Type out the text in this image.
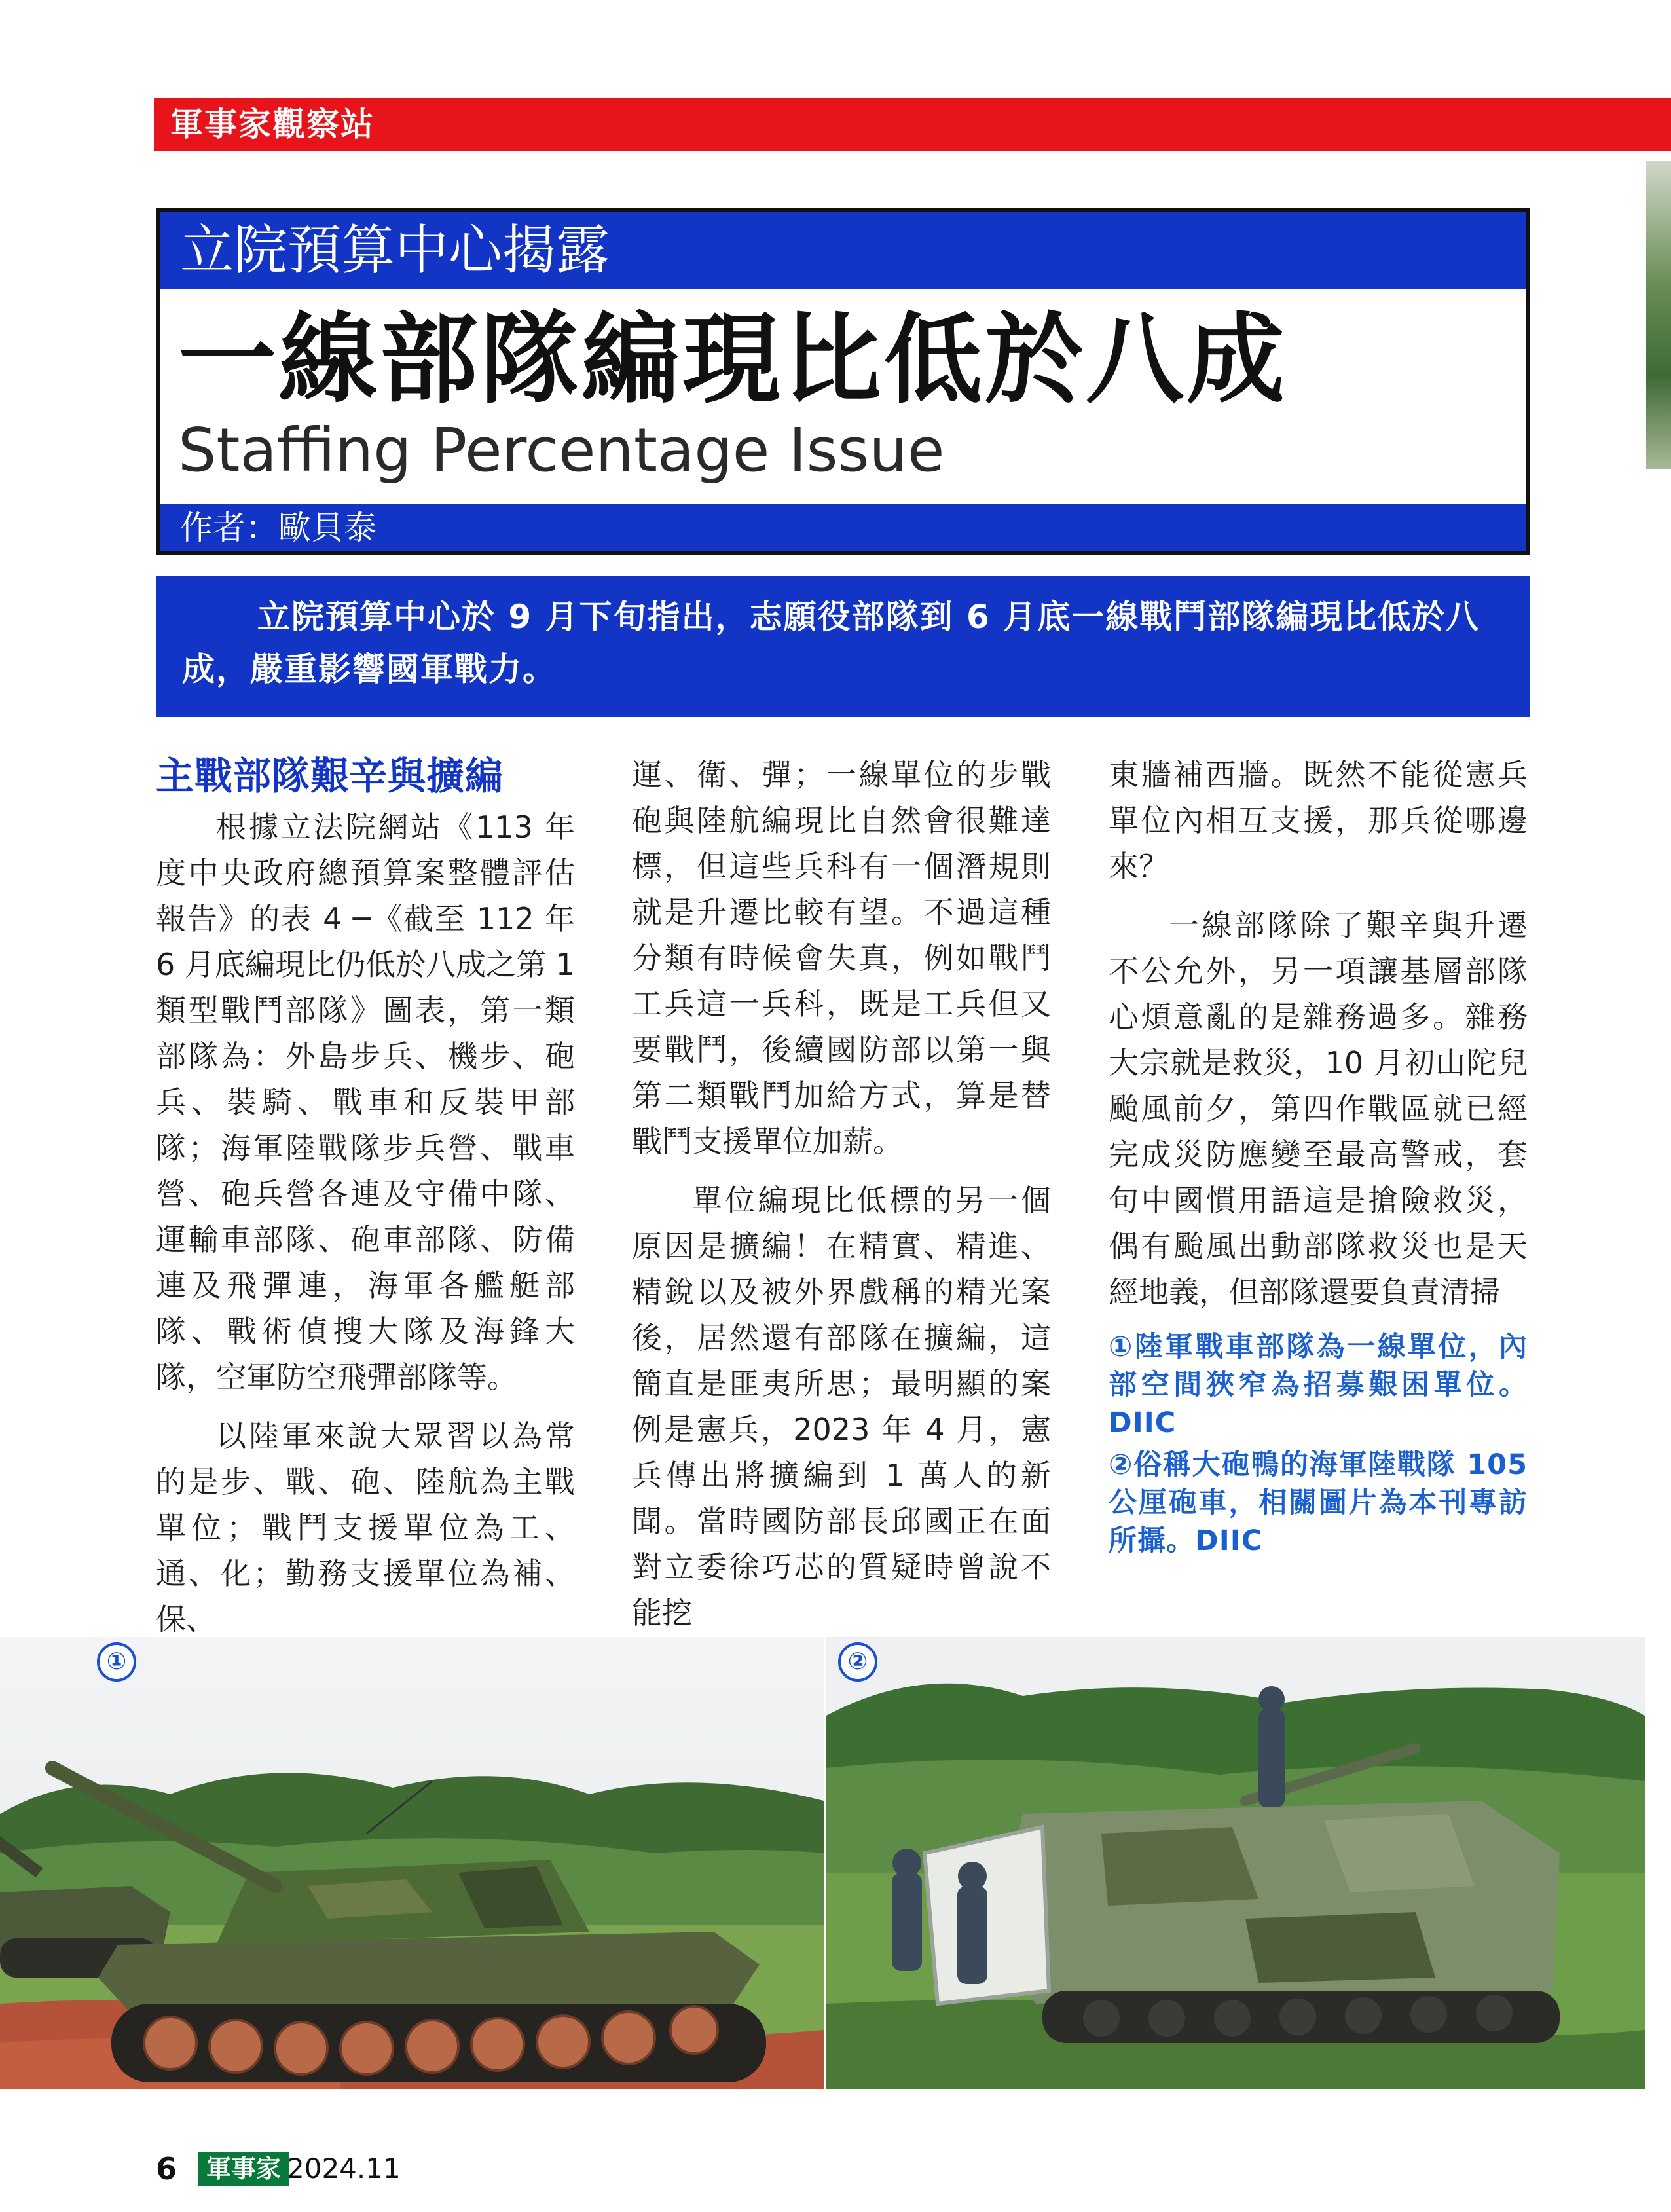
軍事家觀察站
立院預算中心揭露
一線部隊編現比低於八成
Staffing Percentage Issue
作者：歐貝泰
立院預算中心於 9 月下旬指出，志願役部隊到 6 月底一線戰鬥部隊編現比低於八成，嚴重影響國軍戰力。
主戰部隊艱辛與擴編

根據立法院網站《113 年度中央政府總預算案整體評估報告》的表 4 ─《截至 112 年 6 月底編現比仍低於八成之第 1 類型戰鬥部隊》圖表，第一類部隊為：外島步兵、機步、砲兵、裝騎、戰車和反裝甲部隊；海軍陸戰隊步兵營、戰車營、砲兵營各連及守備中隊、運輸車部隊、砲車部隊、防備連及飛彈連，海軍各艦艇部隊、戰術偵搜大隊及海鋒大隊，空軍防空飛彈部隊等。

以陸軍來說大眾習以為常的是步、戰、砲、陸航為主戰單位；戰鬥支援單位為工、通、化；勤務支援單位為補、保、

運、衛、彈；一線單位的步戰砲與陸航編現比自然會很難達標，但這些兵科有一個潛規則就是升遷比較有望。不過這種分類有時候會失真，例如戰鬥工兵這一兵科，既是工兵但又要戰鬥，後續國防部以第一與第二類戰鬥加給方式，算是替戰鬥支援單位加薪。

單位編現比低標的另一個原因是擴編！在精實、精進、精銳以及被外界戲稱的精光案後，居然還有部隊在擴編，這簡直是匪夷所思；最明顯的案例是憲兵，2023 年 4 月，憲兵傳出將擴編到 1 萬人的新聞。當時國防部長邱國正在面對立委徐巧芯的質疑時曾說不能挖

東牆補西牆。既然不能從憲兵單位內相互支援，那兵從哪邊來？

一線部隊除了艱辛與升遷不公允外，另一項讓基層部隊心煩意亂的是雜務過多。雜務大宗就是救災，10 月初山陀兒颱風前夕，第四作戰區就已經完成災防應變至最高警戒，套句中國慣用語這是搶險救災，偶有颱風出動部隊救災也是天經地義，但部隊還要負責清掃

①陸軍戰車部隊為一線單位，內部空間狹窄為招募艱困單位。DIIC
②俗稱大砲鴨的海軍陸戰隊 105 公厘砲車，相關圖片為本刊專訪所攝。DIIC
①	②
6	軍事家 2024.11
